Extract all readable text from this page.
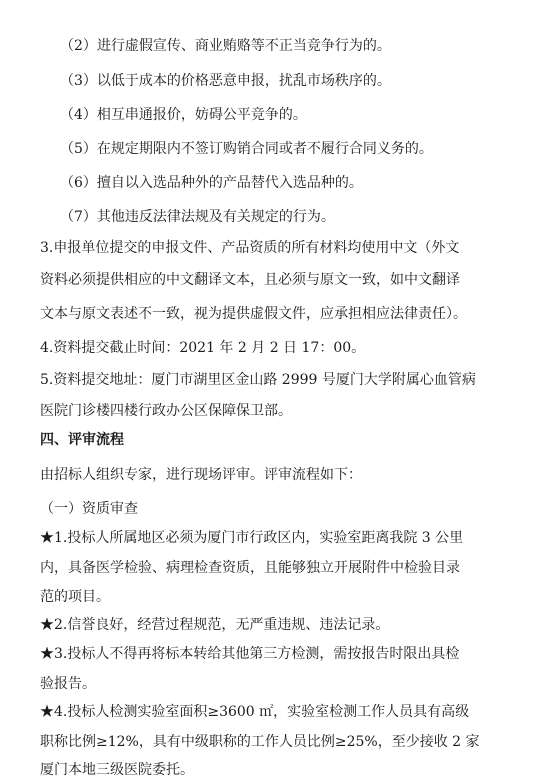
（2）进行虚假宣传、商业贿赂等不正当竞争行为的。
（3）以低于成本的价格恶意申报，扰乱市场秩序的。
（4）相互串通报价，妨碍公平竞争的。
（5）在规定期限内不签订购销合同或者不履行合同义务的。
（6）擅自以入选品种外的产品替代入选品种的。
（7）其他违反法律法规及有关规定的行为。
3.申报单位提交的申报文件、产品资质的所有材料均使用中文（外文
资料必须提供相应的中文翻译文本，且必须与原文一致，如中文翻译
文本与原文表述不一致，视为提供虚假文件，应承担相应法律责任）。
4.资料提交截止时间：2021 年 2 月 2 日 17：00。
5.资料提交地址：厦门市湖里区金山路 2999 号厦门大学附属心血管病
医院门诊楼四楼行政办公区保障保卫部。
四、评审流程
由招标人组织专家，进行现场评审。评审流程如下：
（一）资质审查
★1.投标人所属地区必须为厦门市行政区内，实验室距离我院 3 公里
内，具备医学检验、病理检查资质，且能够独立开展附件中检验目录
范的项目。
★2.信誉良好，经营过程规范，无严重违规、违法记录。
★3.投标人不得再将标本转给其他第三方检测，需按报告时限出具检
验报告。
★4.投标人检测实验室面积≥3600 ㎡，实验室检测工作人员具有高级
职称比例≥12%，具有中级职称的工作人员比例≥25%，至少接收 2 家
厦门本地三级医院委托。
